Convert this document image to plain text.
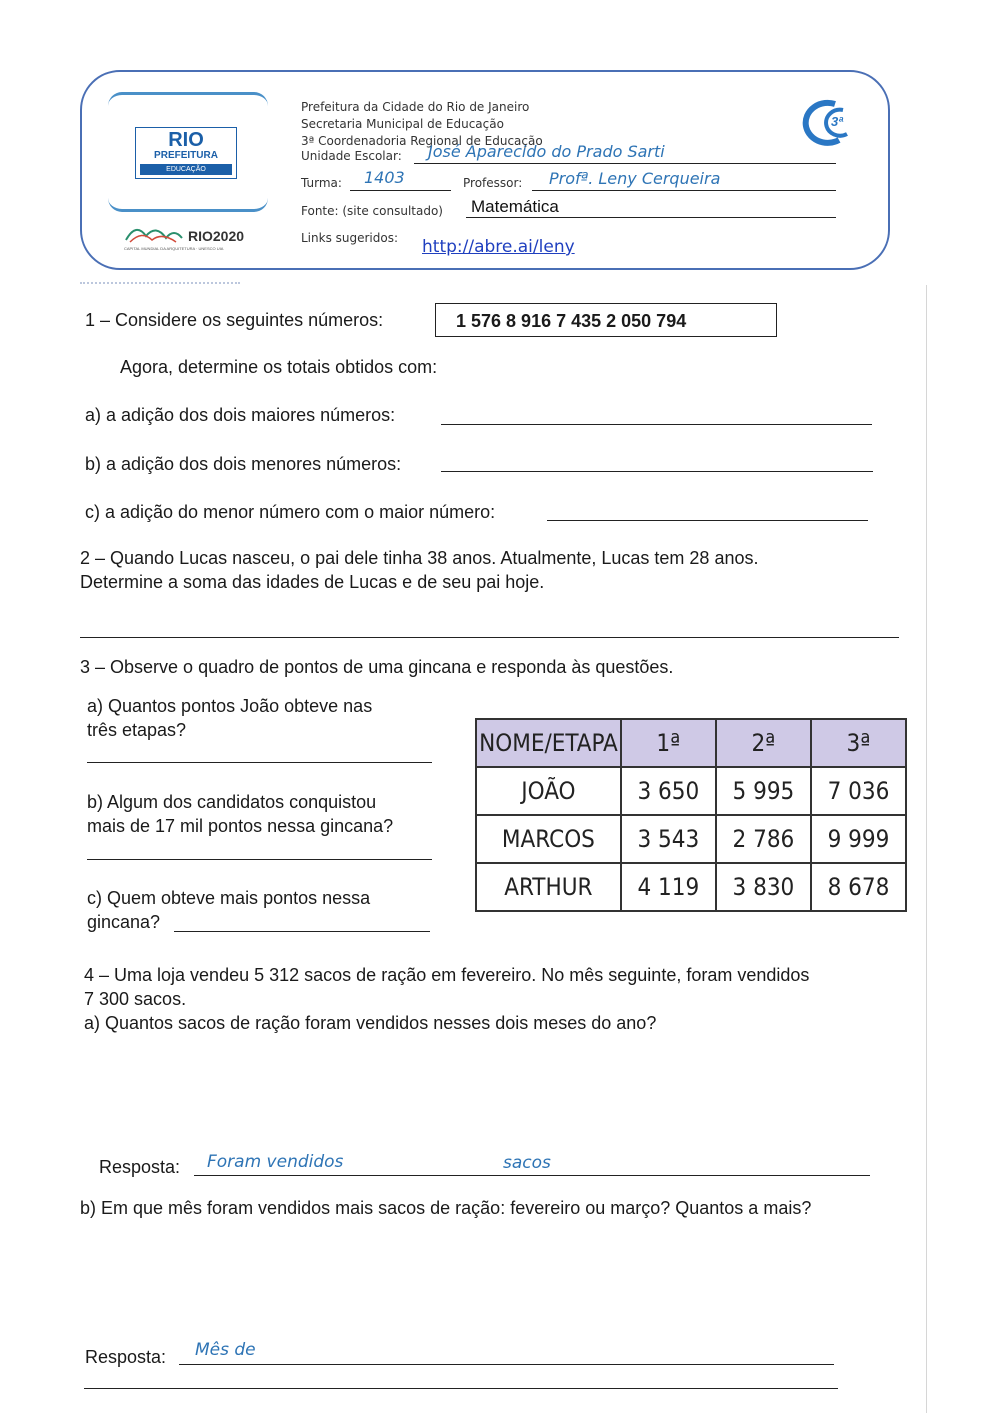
RIO
PREFEITURA
EDUCAÇÃO
RIO2020
CAPITAL MUNDIAL DA ARQUITETURA · UNESCO UIA
Prefeitura da Cidade do Rio de Janeiro
Secretaria Municipal de Educação
3ª Coordenadoria Regional de Educação
Unidade Escolar: José Aparecido do Prado Sarti
Turma: 1403	Professor: Profª. Leny Cerqueira
Fonte: (site consultado) Matemática
Links sugeridos: http://abre.ai/leny
3ª
1 – Considere os seguintes números:	1 576 8 916 7 435 2 050 794
Agora, determine os totais obtidos com:
a) a adição dos dois maiores números:
b) a adição dos dois menores números:
c) a adição do menor número com o maior número:
2 – Quando Lucas nasceu, o pai dele tinha 38 anos. Atualmente, Lucas tem 28 anos.
Determine a soma das idades de Lucas e de seu pai hoje.
3 – Observe o quadro de pontos de uma gincana e responda às questões.
a) Quantos pontos João obteve nas
três etapas?
b) Algum dos candidatos conquistou
mais de 17 mil pontos nessa gincana?
c) Quem obteve mais pontos nessa
gincana?
NOME/ETAPA	1ª	2ª	3ª
JOÃO	3 650	5 995	7 036
MARCOS	3 543	2 786	9 999
ARTHUR	4 119	3 830	8 678
4 – Uma loja vendeu 5 312 sacos de ração em fevereiro. No mês seguinte, foram vendidos
7 300 sacos.
a) Quantos sacos de ração foram vendidos nesses dois meses do ano?
Resposta: Foram vendidos	sacos
b) Em que mês foram vendidos mais sacos de ração: fevereiro ou março? Quantos a mais?
Resposta: Mês de
